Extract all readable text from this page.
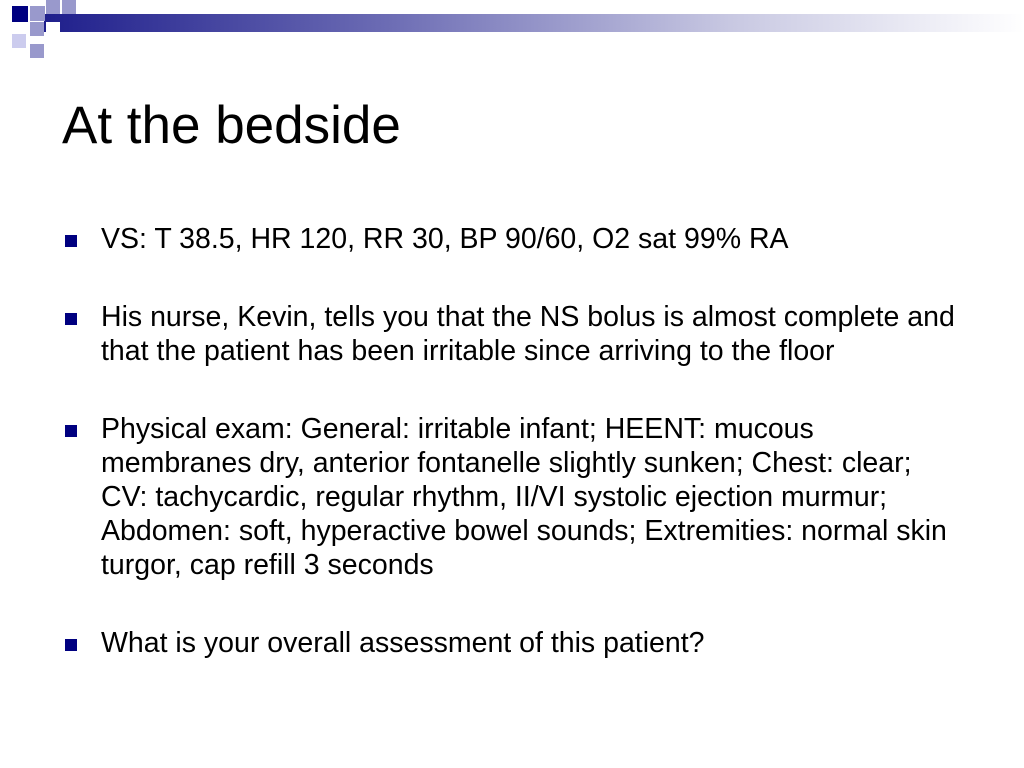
At the bedside
VS: T 38.5, HR 120, RR 30, BP 90/60, O2 sat 99% RA
His nurse, Kevin, tells you that the NS bolus is almost complete and that the patient has been irritable since arriving to the floor
Physical exam: General: irritable infant; HEENT: mucous membranes dry, anterior fontanelle slightly sunken; Chest: clear; CV: tachycardic, regular rhythm, II/VI systolic ejection murmur; Abdomen: soft, hyperactive bowel sounds; Extremities: normal skin turgor, cap refill 3 seconds
What is your overall assessment of this patient?
